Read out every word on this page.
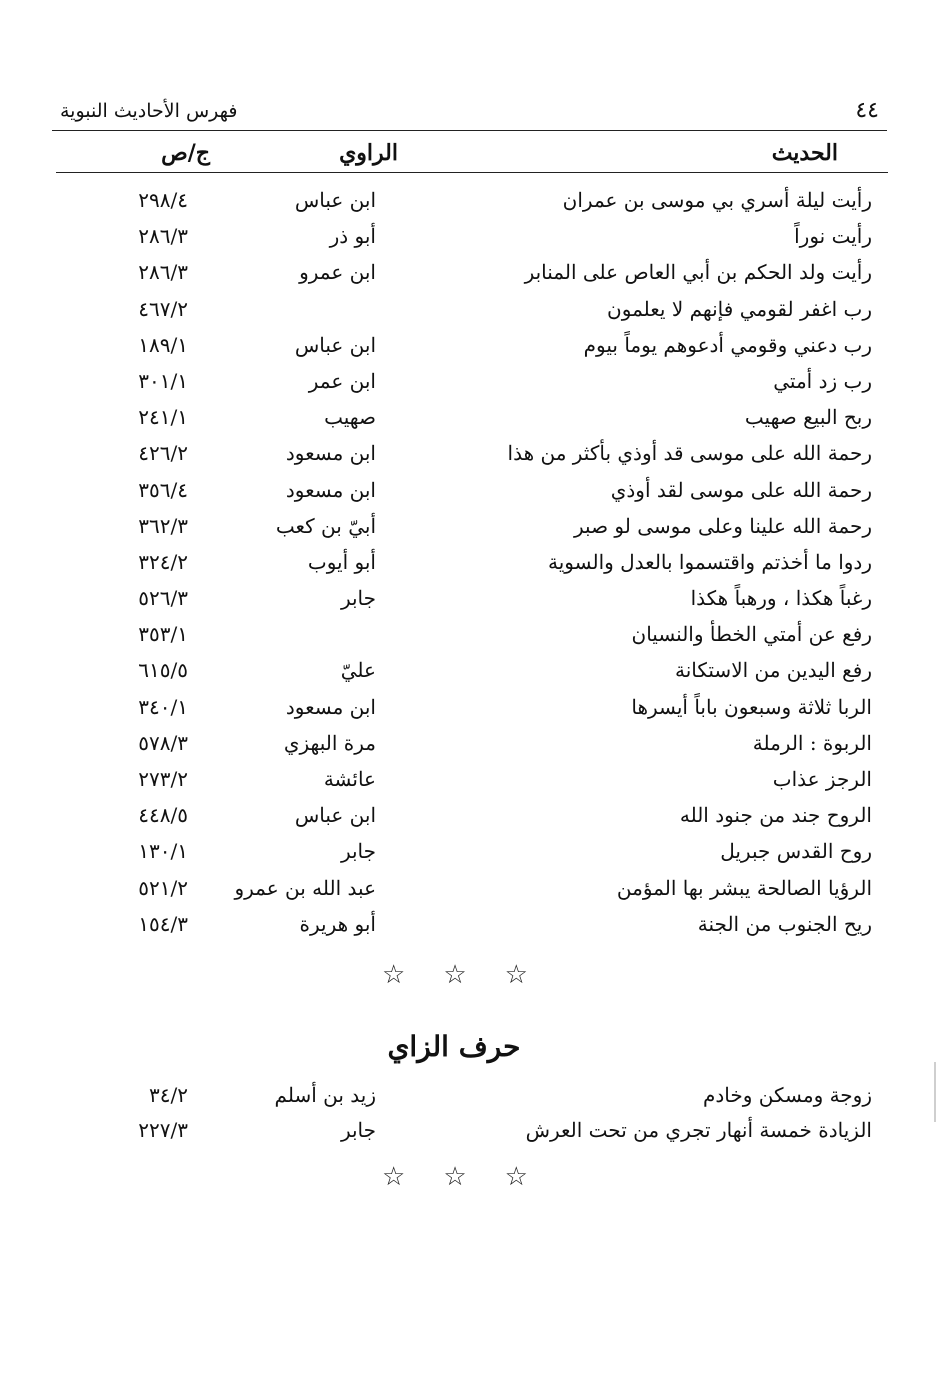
٤٤
فهرس الأحاديث النبوية
الحديث
الراوي
ج/ص
رأيت ليلة أسري بي موسى بن عمران
ابن عباس
٢٩٨/٤
رأيت نوراً
أبو ذر
٢٨٦/٣
رأيت ولد الحكم بن أبي العاص على المنابر
ابن عمرو
٢٨٦/٣
رب اغفر لقومي فإنهم لا يعلمون
٤٦٧/٢
رب دعني وقومي أدعوهم يوماً بيوم
ابن عباس
١٨٩/١
رب زد أمتي
ابن عمر
٣٠١/١
ربح البيع صهيب
صهيب
٢٤١/١
رحمة الله على موسى قد أوذي بأكثر من هذا
ابن مسعود
٤٢٦/٢
رحمة الله على موسى لقد أوذي
ابن مسعود
٣٥٦/٤
رحمة الله علينا وعلى موسى لو صبر
أبيّ بن كعب
٣٦٢/٣
ردوا ما أخذتم واقتسموا بالعدل والسوية
أبو أيوب
٣٢٤/٢
رغباً هكذا ، ورهباً هكذا
جابر
٥٢٦/٣
رفع عن أمتي الخطأ والنسيان
٣٥٣/١
رفع اليدين من الاستكانة
عليّ
٦١٥/٥
الربا ثلاثة وسبعون باباً أيسرها
ابن مسعود
٣٤٠/١
الربوة : الرملة
مرة البهزي
٥٧٨/٣
الرجز عذاب
عائشة
٢٧٣/٢
الروح جند من جنود الله
ابن عباس
٤٤٨/٥
روح القدس جبريل
جابر
١٣٠/١
الرؤيا الصالحة يبشر بها المؤمن
عبد الله بن عمرو
٥٢١/٢
ريح الجنوب من الجنة
أبو هريرة
١٥٤/٣
☆☆☆
حرف الزاي
زوجة ومسكن وخادم
زيد بن أسلم
٣٤/٢
الزيادة خمسة أنهار تجري من تحت العرش
جابر
٢٢٧/٣
☆☆☆
